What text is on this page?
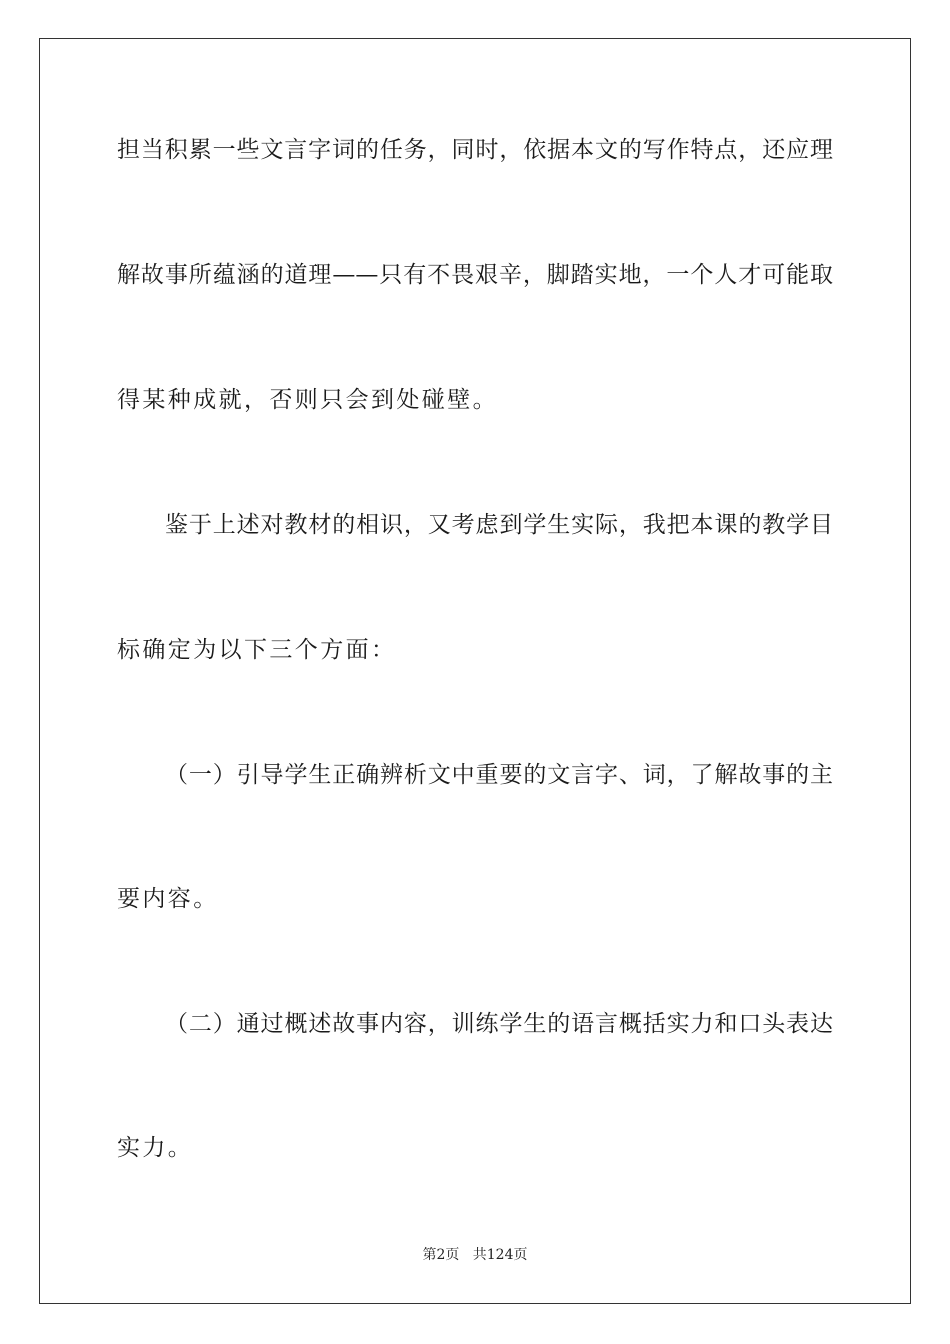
担当积累一些文言字词的任务，同时，依据本文的写作特点，还应理
解故事所蕴涵的道理——只有不畏艰辛，脚踏实地，一个人才可能取
得某种成就，否则只会到处碰壁。
鉴于上述对教材的相识，又考虑到学生实际，我把本课的教学目
标确定为以下三个方面：
（一）引导学生正确辨析文中重要的文言字、词，了解故事的主
要内容。
（二）通过概述故事内容，训练学生的语言概括实力和口头表达
实力。
第2页 共124页
